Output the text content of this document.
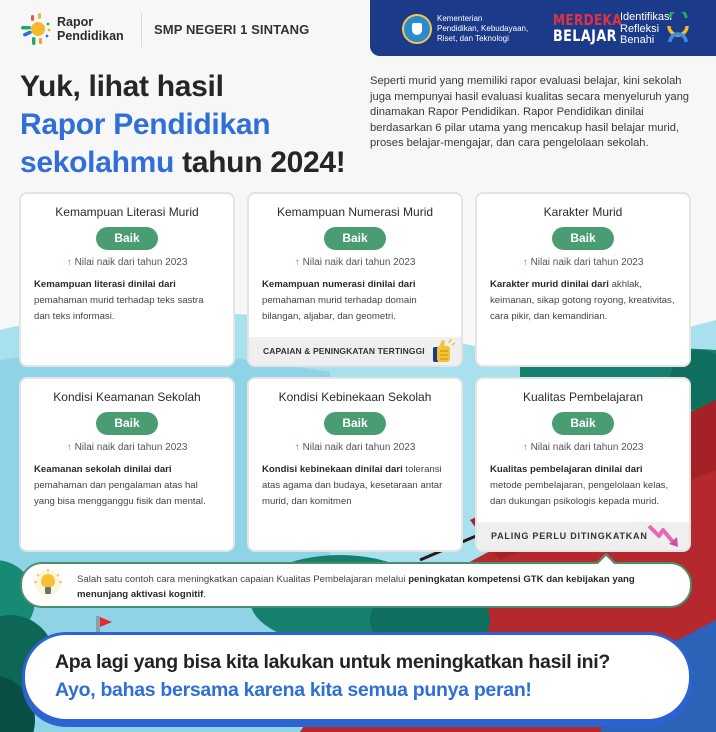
Rapor
Pendidikan SMP NEGERI 1 SINTANG
Kementerian
Pendidikan, Kebudayaan,
Riset, dan Teknologi
MERDEKA
BELAJAR
Identifikasi
Refleksi
Benahi
Yuk, lihat hasil
Rapor Pendidikan
sekolahmu tahun 2024!
Seperti murid yang memiliki rapor evaluasi belajar, kini sekolah juga mempunyai hasil evaluasi kualitas secara menyeluruh yang dinamakan Rapor Pendidikan. Rapor Pendidikan dinilai berdasarkan 6 pilar utama yang mencakup hasil belajar murid, proses belajar-mengajar, dan cara pengelolaan sekolah.
Kemampuan Literasi Murid
Baik
↑ Nilai naik dari tahun 2023
Kemampuan literasi dinilai dari pemahaman murid terhadap teks sastra dan teks informasi.
Kemampuan Numerasi Murid
Baik
↑ Nilai naik dari tahun 2023
Kemampuan numerasi dinilai dari pemahaman murid terhadap domain bilangan, aljabar, dan geometri.
CAPAIAN & PENINGKATAN TERTINGGI
Karakter Murid
Baik
↑ Nilai naik dari tahun 2023
Karakter murid dinilai dari akhlak, keimanan, sikap gotong royong, kreativitas, cara pikir, dan kemandirian.
Kondisi Keamanan Sekolah
Baik
↑ Nilai naik dari tahun 2023
Keamanan sekolah dinilai dari pemahaman dan pengalaman atas hal yang bisa mengganggu fisik dan mental.
Kondisi Kebinekaan Sekolah
Baik
↑ Nilai naik dari tahun 2023
Kondisi kebinekaan dinilai dari toleransi atas agama dan budaya, kesetaraan antar murid, dan komitmen
Kualitas Pembelajaran
Baik
↑ Nilai naik dari tahun 2023
Kualitas pembelajaran dinilai dari metode pembelajaran, pengelolaan kelas, dan dukungan psikologis kepada murid.
PALING PERLU DITINGKATKAN
Salah satu contoh cara meningkatkan capaian Kualitas Pembelajaran melalui peningkatan kompetensi GTK dan kebijakan yang menunjang aktivasi kognitif.
Apa lagi yang bisa kita lakukan untuk meningkatkan hasil ini?
Ayo, bahas bersama karena kita semua punya peran!
